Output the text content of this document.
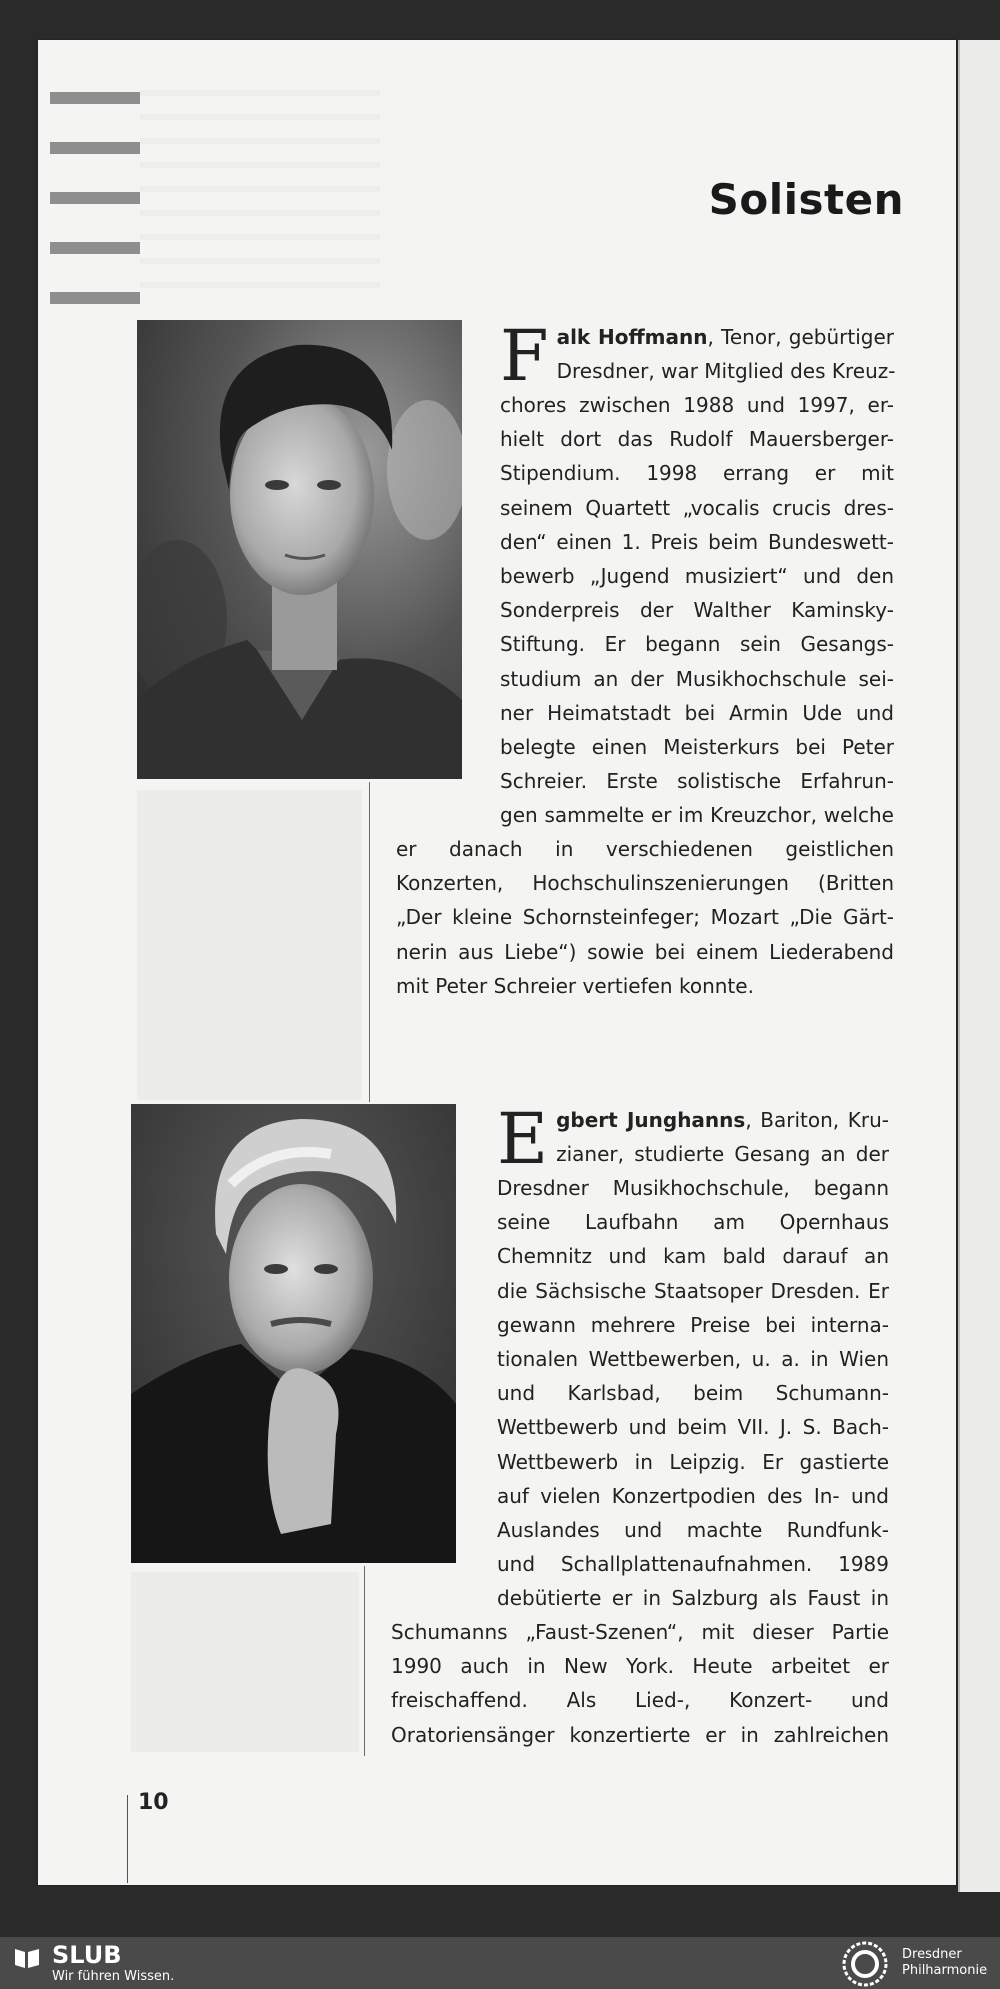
Solisten
F alk Hoffmann, Tenor, gebürtiger
Dresdner, war Mitglied des Kreuz-
chores zwischen 1988 und 1997, er-
hielt dort das Rudolf Mauersberger-
Stipendium. 1998 errang er mit
seinem Quartett „vocalis crucis dres-
den“ einen 1. Preis beim Bundeswett-
bewerb „Jugend musiziert“ und den
Sonderpreis der Walther Kaminsky-
Stiftung. Er begann sein Gesangs-
studium an der Musikhochschule sei-
ner Heimatstadt bei Armin Ude und
belegte einen Meisterkurs bei Peter
Schreier. Erste solistische Erfahrun-
gen sammelte er im Kreuzchor, welche
er danach in verschiedenen geistlichen
Konzerten, Hochschulinszenierungen (Britten
„Der kleine Schornsteinfeger; Mozart „Die Gärt-
nerin aus Liebe“) sowie bei einem Liederabend
mit Peter Schreier vertiefen konnte.
E gbert Junghanns, Bariton, Kru-
zianer, studierte Gesang an der
Dresdner Musikhochschule, begann
seine Laufbahn am Opernhaus
Chemnitz und kam bald darauf an
die Sächsische Staatsoper Dresden. Er
gewann mehrere Preise bei interna-
tionalen Wettbewerben, u. a. in Wien
und Karlsbad, beim Schumann-
Wettbewerb und beim VII. J. S. Bach-
Wettbewerb in Leipzig. Er gastierte
auf vielen Konzertpodien des In- und
Auslandes und machte Rundfunk-
und Schallplattenaufnahmen. 1989
debütierte er in Salzburg als Faust in
Schumanns „Faust-Szenen“, mit dieser Partie
1990 auch in New York. Heute arbeitet er
freischaffend. Als Lied-, Konzert- und
Oratoriensänger konzertierte er in zahlreichen
10
SLUB
Wir führen Wissen.
Dresdner
Philharmonie
